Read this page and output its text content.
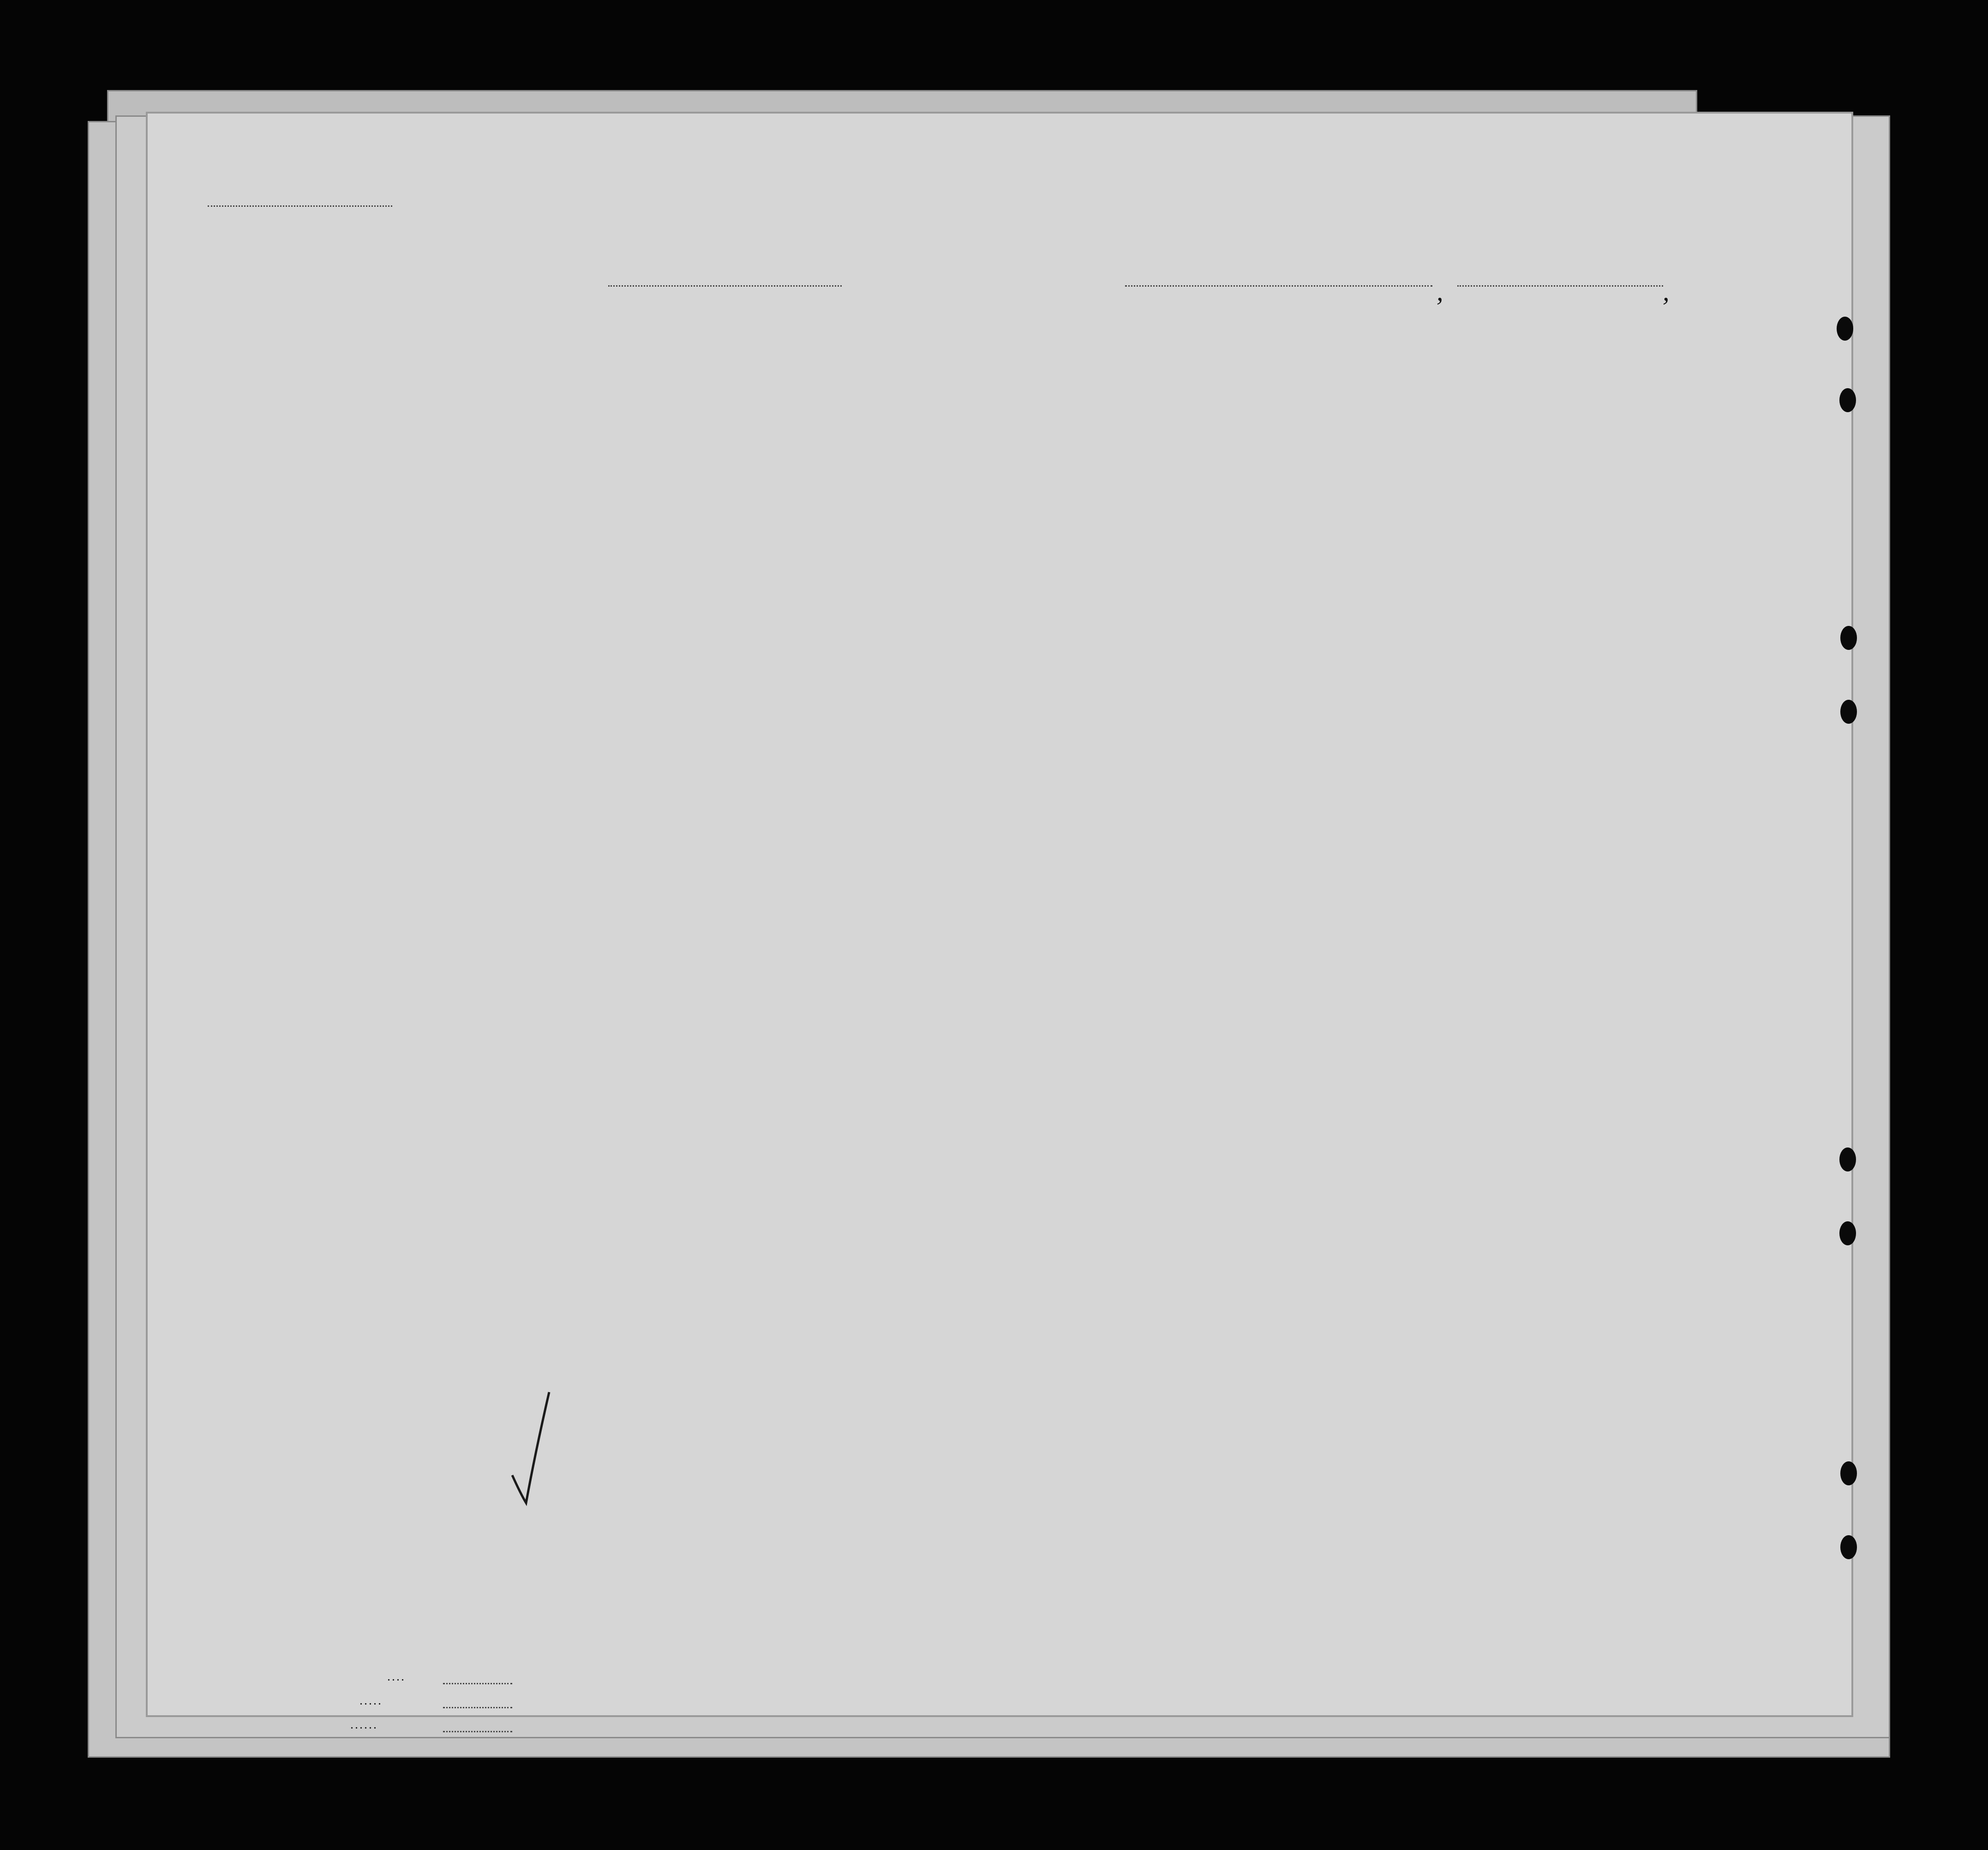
,	,
. . . .
. . . . .
. . . . . .
